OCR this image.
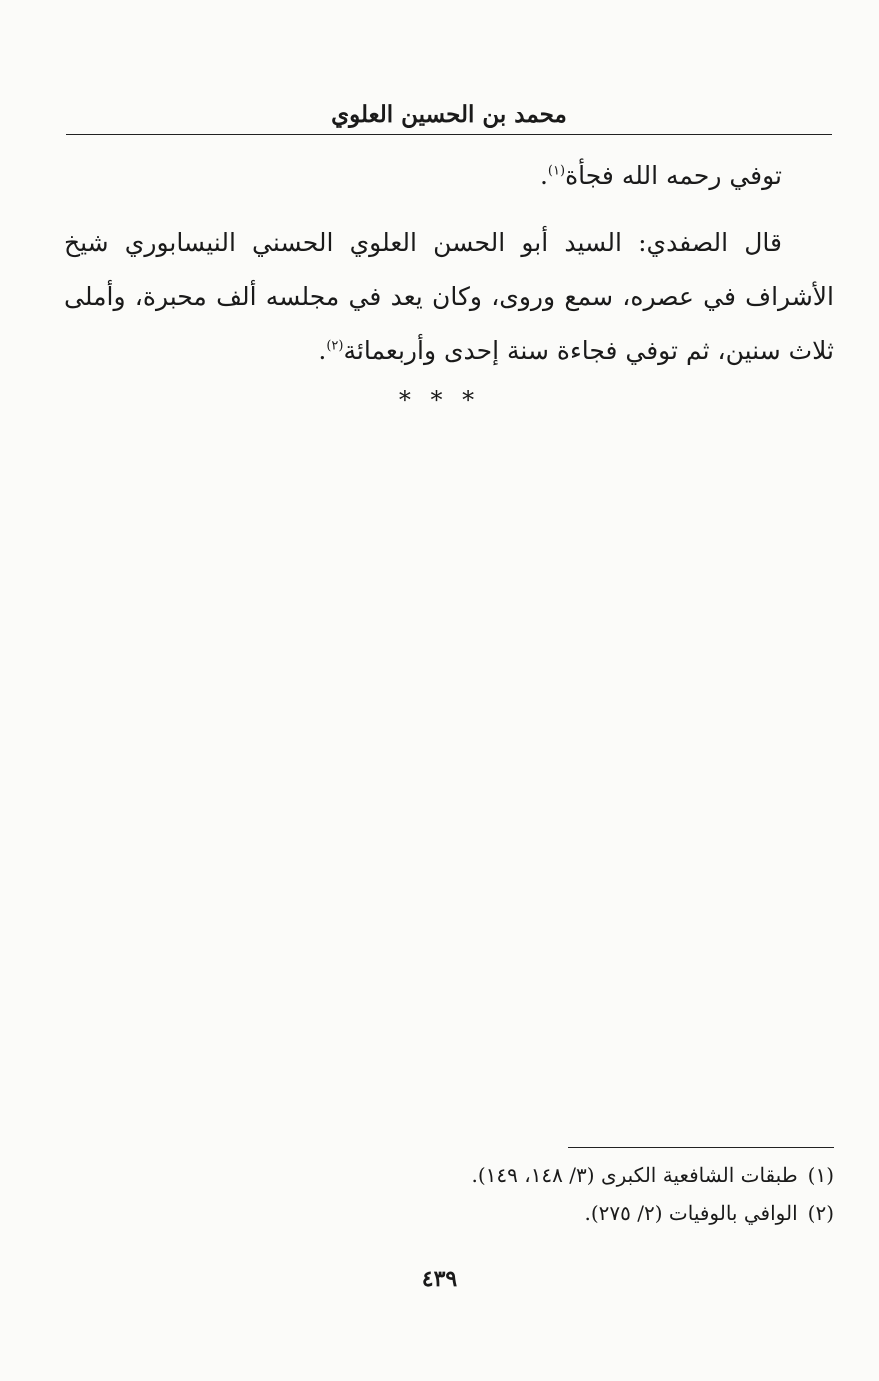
محمد بن الحسين العلوي

توفي رحمه الله فجأة$^{(١)}$.

قال الصفدي: السيد أبو الحسن العلوي الحسني النيسابوري شيخ الأشراف في عصره، سمع وروى، وكان يعد في مجلسه ألف محبرة، وأملى ثلاث سنين، ثم توفي فجاءة سنة إحدى وأربعمائة$^{(٢)}$.

* * *

(١)طبقات الشافعية الكبرى (٣/ ١٤٨، ١٤٩).

(٢)الوافي بالوفيات (٢/ ٢٧٥).

٤٣٩
